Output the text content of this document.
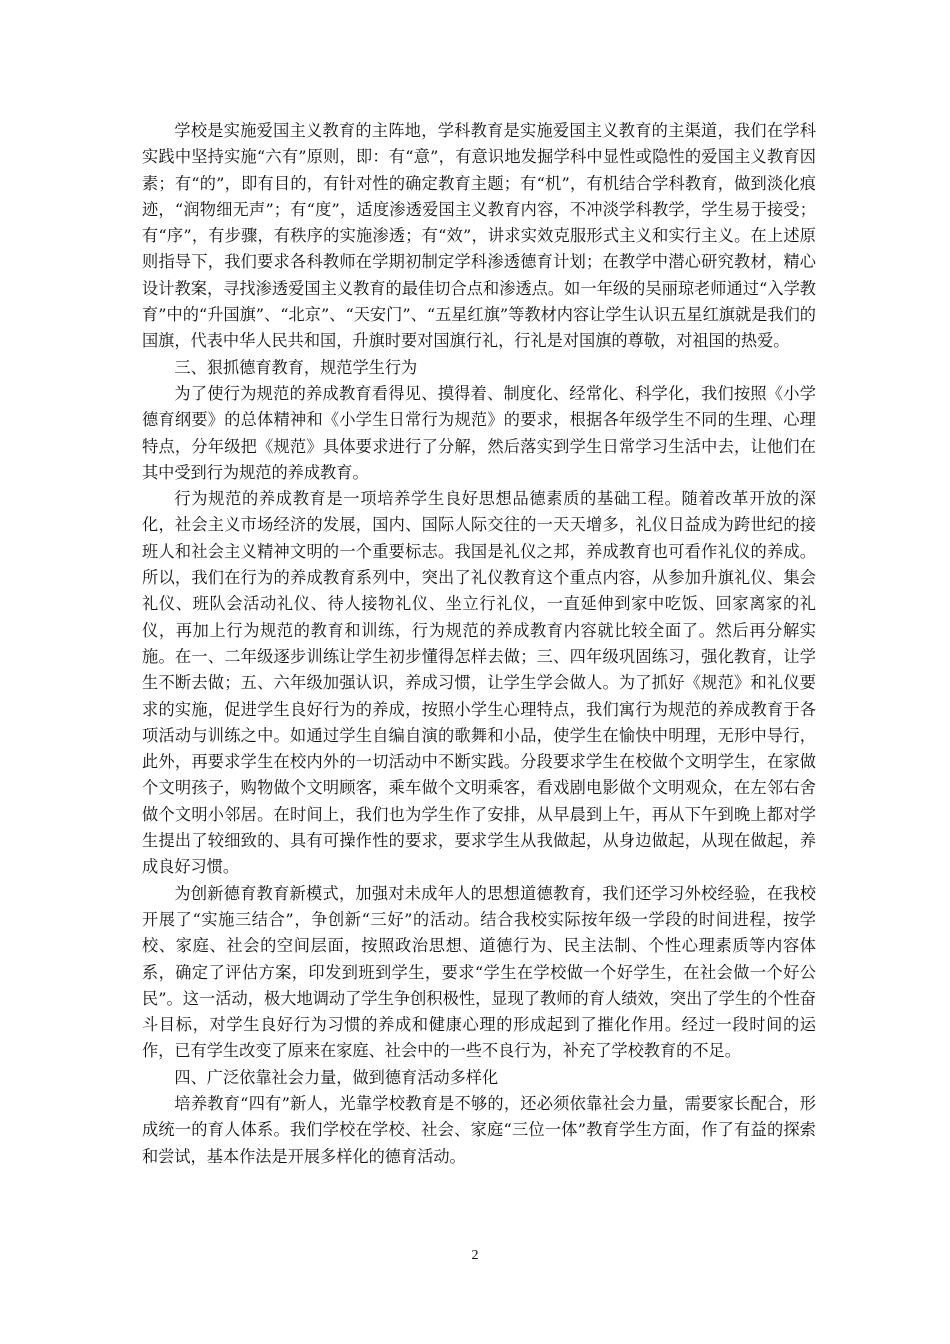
学校是实施爱国主义教育的主阵地，学科教育是实施爱国主义教育的主渠道，我们在学科实践中坚持实施“六有”原则，即：有“意”，有意识地发掘学科中显性或隐性的爱国主义教育因素；有“的”，即有目的，有针对性的确定教育主题；有“机”，有机结合学科教育，做到淡化痕迹，“润物细无声”；有“度”，适度渗透爱国主义教育内容，不冲淡学科教学，学生易于接受；有“序”，有步骤，有秩序的实施渗透；有“效”，讲求实效克服形式主义和实行主义。在上述原则指导下，我们要求各科教师在学期初制定学科渗透德育计划；在教学中潜心研究教材，精心设计教案，寻找渗透爱国主义教育的最佳切合点和渗透点。如一年级的吴丽琼老师通过“入学教育”中的“升国旗”、“北京”、“天安门”、“五星红旗”等教材内容让学生认识五星红旗就是我们的国旗，代表中华人民共和国，升旗时要对国旗行礼，行礼是对国旗的尊敬，对祖国的热爱。

三、狠抓德育教育，规范学生行为

为了使行为规范的养成教育看得见、摸得着、制度化、经常化、科学化，我们按照《小学德育纲要》的总体精神和《小学生日常行为规范》的要求，根据各年级学生不同的生理、心理特点，分年级把《规范》具体要求进行了分解，然后落实到学生日常学习生活中去，让他们在其中受到行为规范的养成教育。

行为规范的养成教育是一项培养学生良好思想品德素质的基础工程。随着改革开放的深化，社会主义市场经济的发展，国内、国际人际交往的一天天增多，礼仪日益成为跨世纪的接班人和社会主义精神文明的一个重要标志。我国是礼仪之邦，养成教育也可看作礼仪的养成。所以，我们在行为的养成教育系列中，突出了礼仪教育这个重点内容，从参加升旗礼仪、集会礼仪、班队会活动礼仪、待人接物礼仪、坐立行礼仪，一直延伸到家中吃饭、回家离家的礼仪，再加上行为规范的教育和训练，行为规范的养成教育内容就比较全面了。然后再分解实施。在一、二年级逐步训练让学生初步懂得怎样去做；三、四年级巩固练习，强化教育，让学生不断去做；五、六年级加强认识，养成习惯，让学生学会做人。为了抓好《规范》和礼仪要求的实施，促进学生良好行为的养成，按照小学生心理特点，我们寓行为规范的养成教育于各项活动与训练之中。如通过学生自编自演的歌舞和小品，使学生在愉快中明理，无形中导行，此外，再要求学生在校内外的一切活动中不断实践。分段要求学生在校做个文明学生，在家做个文明孩子，购物做个文明顾客，乘车做个文明乘客，看戏剧电影做个文明观众，在左邻右舍做个文明小邻居。在时间上，我们也为学生作了安排，从早晨到上午，再从下午到晚上都对学生提出了较细致的、具有可操作性的要求，要求学生从我做起，从身边做起，从现在做起，养成良好习惯。

为创新德育教育新模式，加强对未成年人的思想道德教育，我们还学习外校经验，在我校开展了“实施三结合”，争创新“三好”的活动。结合我校实际按年级一学段的时间进程，按学校、家庭、社会的空间层面，按照政治思想、道德行为、民主法制、个性心理素质等内容体系，确定了评估方案，印发到班到学生，要求“学生在学校做一个好学生，在社会做一个好公民”。这一活动，极大地调动了学生争创积极性，显现了教师的育人绩效，突出了学生的个性奋斗目标，对学生良好行为习惯的养成和健康心理的形成起到了摧化作用。经过一段时间的运作，已有学生改变了原来在家庭、社会中的一些不良行为，补充了学校教育的不足。

四、广泛依靠社会力量，做到德育活动多样化

培养教育“四有”新人，光靠学校教育是不够的，还必须依靠社会力量，需要家长配合，形成统一的育人体系。我们学校在学校、社会、家庭“三位一体”教育学生方面，作了有益的探索和尝试，基本作法是开展多样化的德育活动。

2
